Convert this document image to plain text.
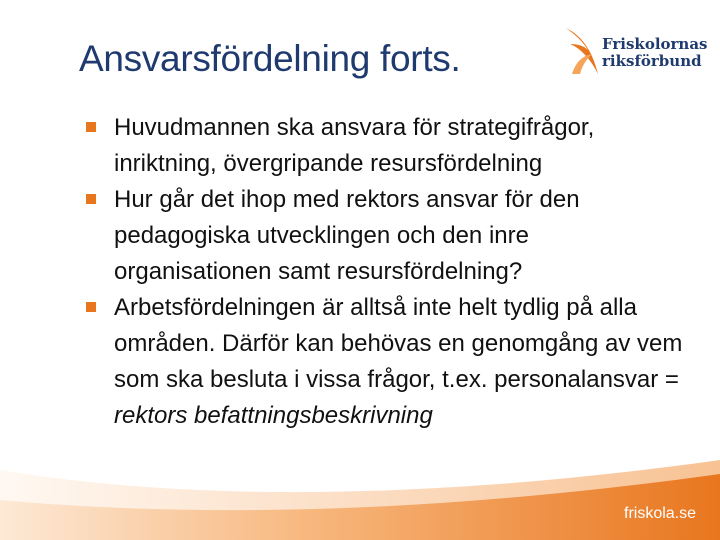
Ansvarsfördelning forts.	Friskolornas
riksförbund
Huvudmannen ska ansvara för strategifrågor, inriktning, övergripande resursfördelning
Hur går det ihop med rektors ansvar för den pedagogiska utvecklingen och den inre organisationen samt resursfördelning?
Arbetsfördelningen är alltså inte helt tydlig på alla områden. Därför kan behövas en genomgång av vem som ska besluta i vissa frågor, t.ex. personalansvar = rektors befattningsbeskrivning
friskola.se
